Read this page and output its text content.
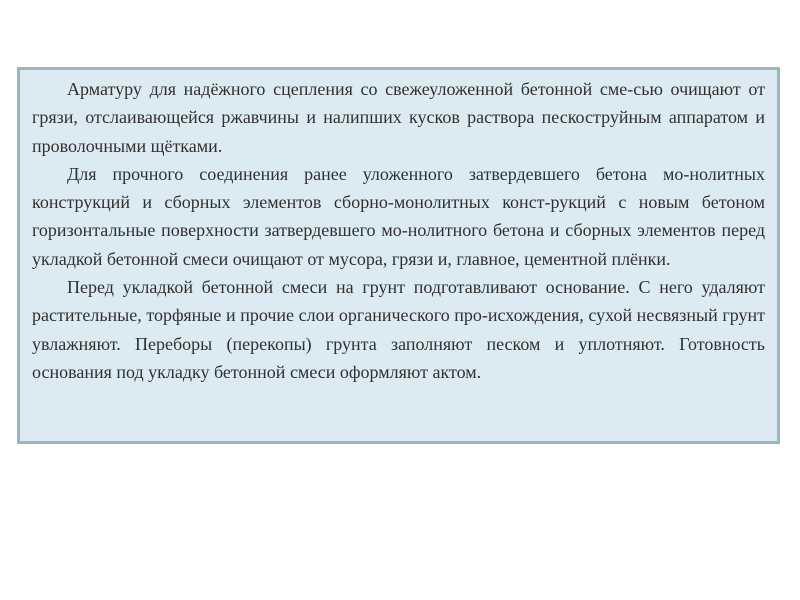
Арматуру для надёжного сцепления со свежеуложенной бетонной сме-сью очищают от грязи, отслаивающейся ржавчины и налипших кусков раствора пескоструйным аппаратом и проволочными щётками.

Для прочного соединения ранее уложенного затвердевшего бетона мо-нолитных конструкций и сборных элементов сборно-монолитных конст-рукций с новым бетоном горизонтальные поверхности затвердевшего мо-нолитного бетона и сборных элементов перед укладкой бетонной смеси очищают от мусора, грязи и, главное, цементной плёнки.

Перед укладкой бетонной смеси на грунт подготавливают основание. С него удаляют растительные, торфяные и прочие слои органического про-исхождения, сухой несвязный грунт увлажняют. Переборы (перекопы) грунта заполняют песком и уплотняют. Готовность основания под укладку бетонной смеси оформляют актом.
